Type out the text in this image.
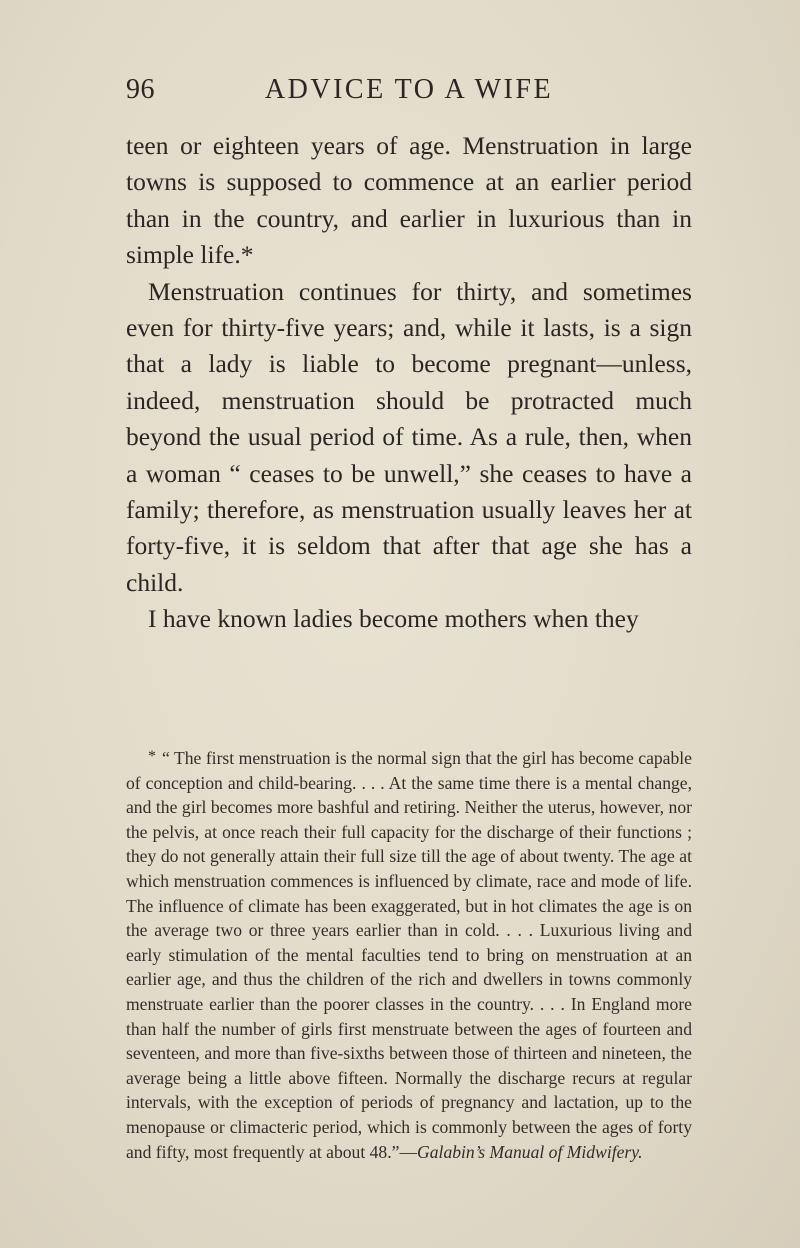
96	ADVICE TO A WIFE

teen or eighteen years of age. Menstruation in large towns is supposed to commence at an earlier period than in the country, and earlier in luxurious than in simple life.*

Menstruation continues for thirty, and sometimes even for thirty-five years; and, while it lasts, is a sign that a lady is liable to become pregnant—unless, indeed, menstruation should be protracted much beyond the usual period of time. As a rule, then, when a woman “ ceases to be unwell,” she ceases to have a family; therefore, as menstruation usually leaves her at forty-five, it is seldom that after that age she has a child.

I have known ladies become mothers when they

* “ The first menstruation is the normal sign that the girl has become capable of conception and child-bearing. . . . At the same time there is a mental change, and the girl becomes more bashful and retiring. Neither the uterus, however, nor the pelvis, at once reach their full capacity for the discharge of their functions ; they do not generally attain their full size till the age of about twenty. The age at which menstruation commences is influenced by climate, race and mode of life. The influence of climate has been exaggerated, but in hot climates the age is on the average two or three years earlier than in cold. . . . Luxurious living and early stimulation of the mental faculties tend to bring on menstruation at an earlier age, and thus the children of the rich and dwellers in towns commonly menstruate earlier than the poorer classes in the country. . . . In England more than half the number of girls first menstruate between the ages of fourteen and seventeen, and more than five-sixths between those of thirteen and nineteen, the average being a little above fifteen. Normally the discharge recurs at regular intervals, with the exception of periods of pregnancy and lactation, up to the menopause or climacteric period, which is commonly between the ages of forty and fifty, most frequently at about 48.”—Galabin’s Manual of Midwifery.
